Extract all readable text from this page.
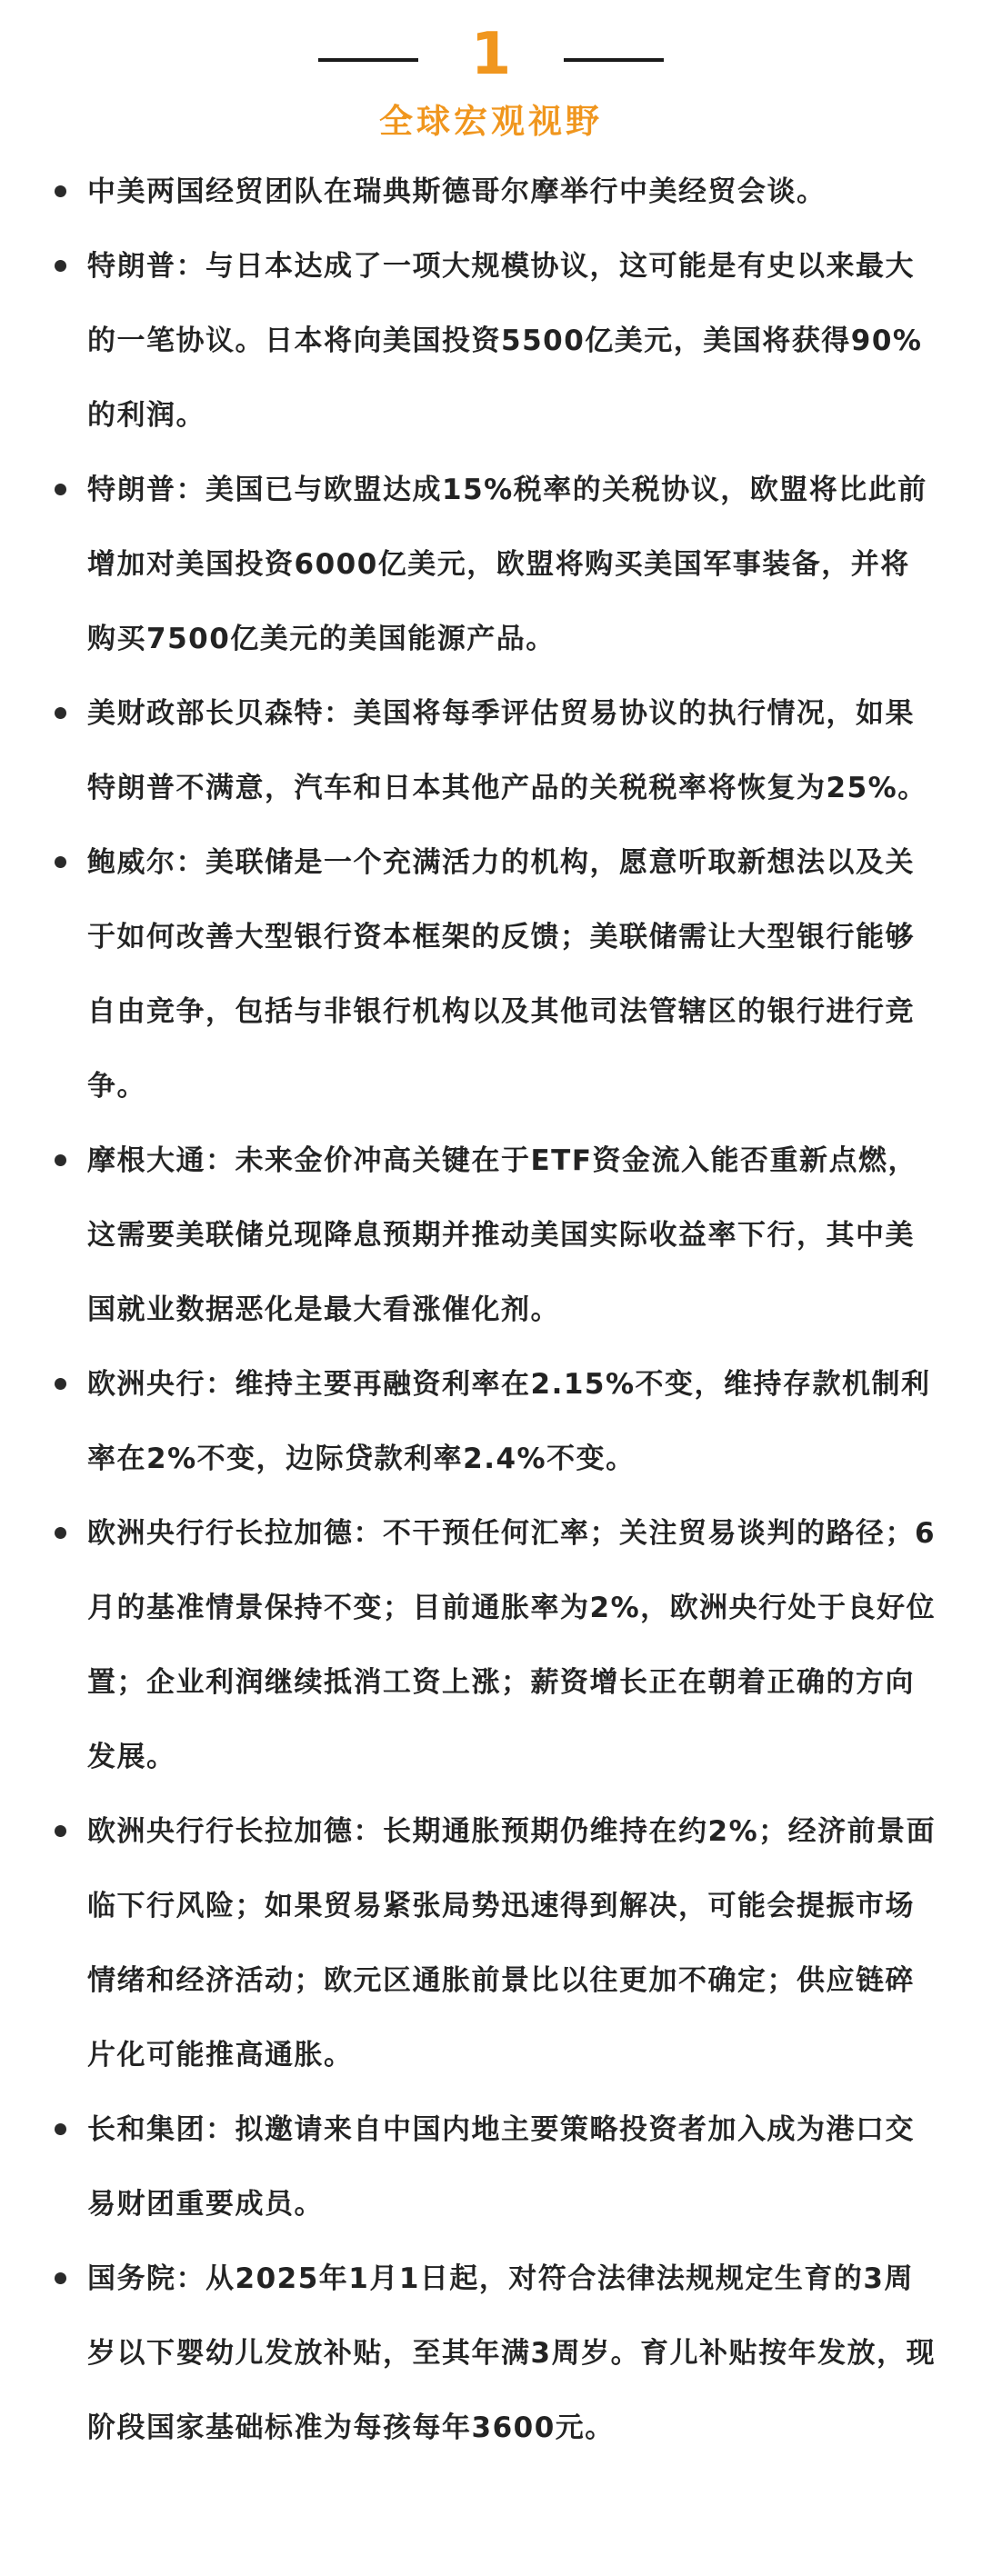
1
全球宏观视野
中美两国经贸团队在瑞典斯德哥尔摩举行中美经贸会谈。
特朗普：与日本达成了一项大规模协议，这可能是有史以来最大的一笔协议。日本将向美国投资5500亿美元，美国将获得90%的利润。
特朗普：美国已与欧盟达成15%税率的关税协议，欧盟将比此前增加对美国投资6000亿美元，欧盟将购买美国军事装备，并将购买7500亿美元的美国能源产品。
美财政部长贝森特：美国将每季评估贸易协议的执行情况，如果特朗普不满意，汽车和日本其他产品的关税税率将恢复为25%。
鲍威尔：美联储是一个充满活力的机构，愿意听取新想法以及关于如何改善大型银行资本框架的反馈；美联储需让大型银行能够自由竞争，包括与非银行机构以及其他司法管辖区的银行进行竞争。
摩根大通：未来金价冲高关键在于ETF资金流入能否重新点燃，这需要美联储兑现降息预期并推动美国实际收益率下行，其中美国就业数据恶化是最大看涨催化剂。
欧洲央行：维持主要再融资利率在2.15%不变，维持存款机制利率在2%不变，边际贷款利率2.4%不变。
欧洲央行行长拉加德：不干预任何汇率；关注贸易谈判的路径；6月的基准情景保持不变；目前通胀率为2%，欧洲央行处于良好位置；企业利润继续抵消工资上涨；薪资增长正在朝着正确的方向发展。
欧洲央行行长拉加德：长期通胀预期仍维持在约2%；经济前景面临下行风险；如果贸易紧张局势迅速得到解决，可能会提振市场情绪和经济活动；欧元区通胀前景比以往更加不确定；供应链碎片化可能推高通胀。
长和集团：拟邀请来自中国内地主要策略投资者加入成为港口交易财团重要成员。
国务院：从2025年1月1日起，对符合法律法规规定生育的3周岁以下婴幼儿发放补贴，至其年满3周岁。育儿补贴按年发放，现阶段国家基础标准为每孩每年3600元。
